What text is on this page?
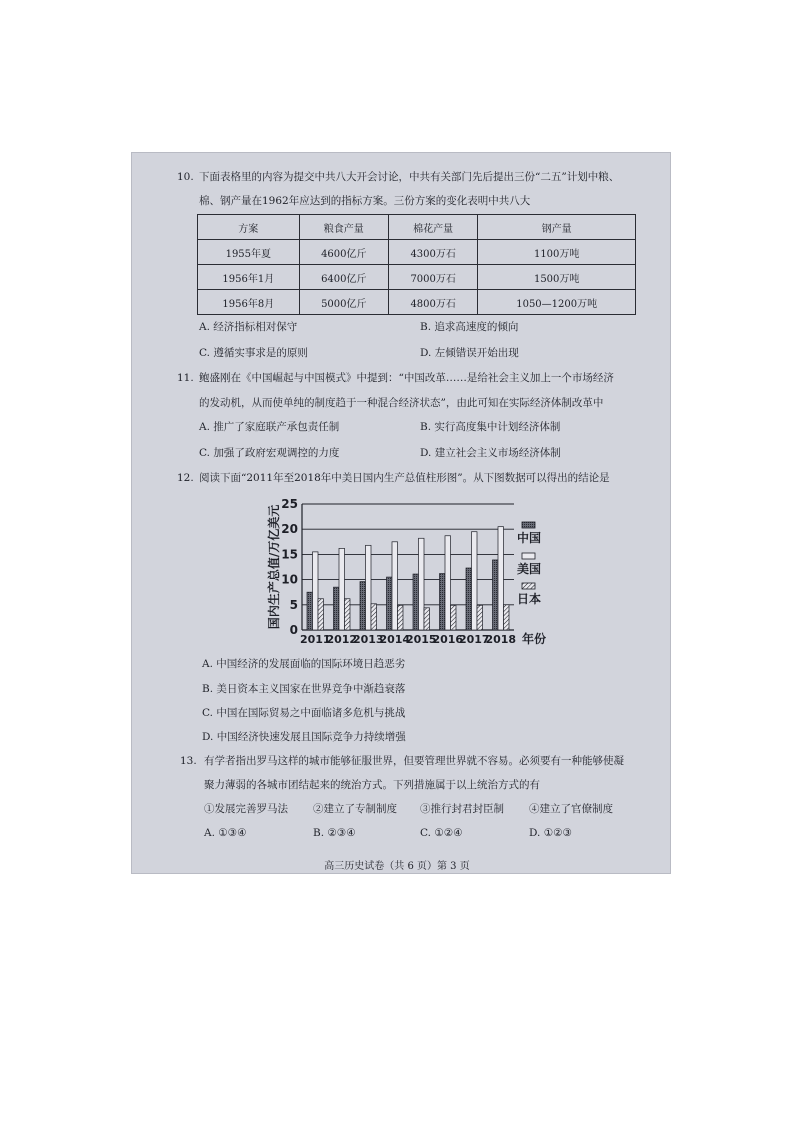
10. 下面表格里的内容为提交中共八大开会讨论，中共有关部门先后提出三份“二五”计划中粮、
棉、钢产量在1962年应达到的指标方案。三份方案的变化表明中共八大
方案	粮食产量	棉花产量	钢产量
1955年夏	4600亿斤	4300万石	1100万吨
1956年1月	6400亿斤	7000万石	1500万吨
1956年8月	5000亿斤	4800万石	1050—1200万吨
A. 经济指标相对保守	B. 追求高速度的倾向
C. 遵循实事求是的原则	D. 左倾错误开始出现
11. 鲍盛刚在《中国崛起与中国模式》中提到：“中国改革……是给社会主义加上一个市场经济
的发动机，从而使单纯的制度趋于一种混合经济状态”，由此可知在实际经济体制改革中
A. 推广了家庭联产承包责任制	B. 实行高度集中计划经济体制
C. 加强了政府宏观调控的力度	D. 建立社会主义市场经济体制
12. 阅读下面“2011年至2018年中美日国内生产总值柱形图”。从下图数据可以得出的结论是
0
5
10
15
20
25
国内生产总值/万亿美元
2011
2012
2013
2014
2015
2016
2017
2018 年份
中国
美国
日本
A. 中国经济的发展面临的国际环境日趋恶劣
B. 美日资本主义国家在世界竞争中渐趋衰落
C. 中国在国际贸易之中面临诸多危机与挑战
D. 中国经济快速发展且国际竞争力持续增强
13. 有学者指出罗马这样的城市能够征服世界，但要管理世界就不容易。必须要有一种能够使凝
聚力薄弱的各城市团结起来的统治方式。下列措施属于以上统治方式的有
①发展完善罗马法 ②建立了专制制度 ③推行封君封臣制 ④建立了官僚制度
A. ①③④	B. ②③④	C. ①②④	D. ①②③
高三历史试卷（共 6 页）第 3 页
